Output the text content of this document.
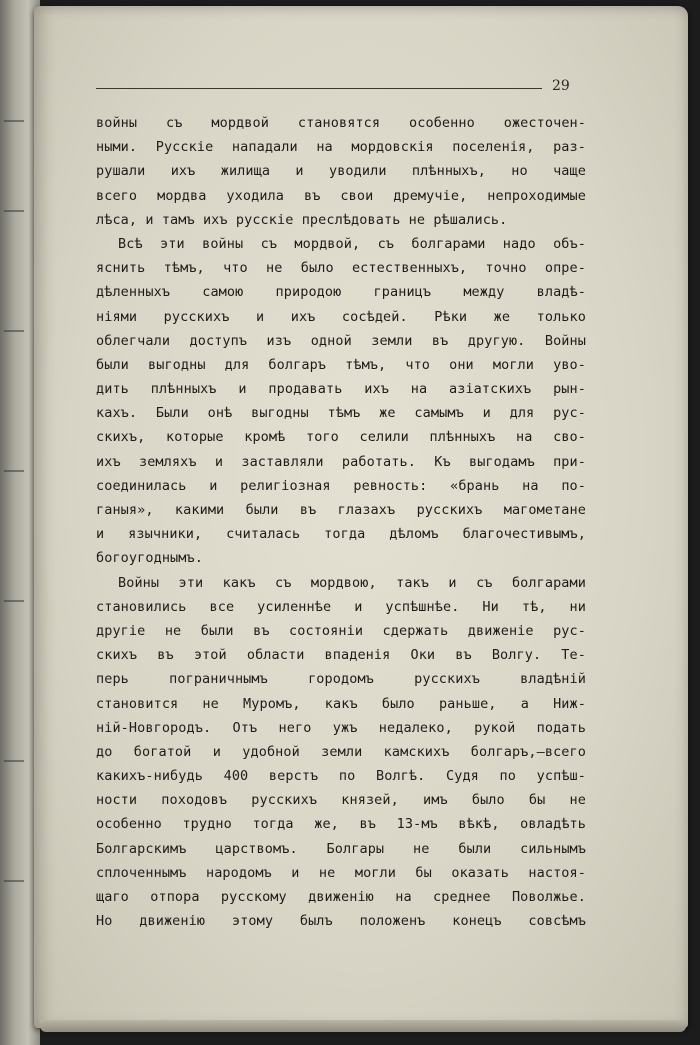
29
войны съ мордвой становятся особенно ожесточен-
ными. Русскіе нападали на мордовскія поселенія, раз-
рушали ихъ жилища и уводили плѣнныхъ, но чаще
всего мордва уходила въ свои дремучіе, непроходимые
лѣса, и тамъ ихъ русскіе преслѣдовать не рѣшались.
Всѣ эти войны съ мордвой, съ болгарами надо объ-
яснить тѣмъ, что не было естественныхъ, точно опре-
дѣленныхъ самою природою границъ между владѣ-
ніями русскихъ и ихъ сосѣдей. Рѣки же только
облегчали доступъ изъ одной земли въ другую. Войны
были выгодны для болгаръ тѣмъ, что они могли уво-
дить плѣнныхъ и продавать ихъ на азіатскихъ рын-
кахъ. Были онѣ выгодны тѣмъ же самымъ и для рус-
скихъ, которые кромѣ того селили плѣнныхъ на сво-
ихъ земляхъ и заставляли работать. Къ выгодамъ при-
соединилась и религіозная ревность: «брань на по-
ганыя», какими были въ глазахъ русскихъ магометане
и язычники, считалась тогда дѣломъ благочестивымъ,
богоугоднымъ.
Войны эти какъ съ мордвою, такъ и съ болгарами
становились все усиленнѣе и успѣшнѣе. Ни тѣ, ни
другіе не были въ состояніи сдержать движеніе рус-
скихъ въ этой области впаденія Оки въ Волгу. Те-
перь пограничнымъ городомъ русскихъ владѣній
становится не Муромъ, какъ было раньше, а Ниж-
ній-Новгородъ. Отъ него ужъ недалеко, рукой подать
до богатой и удобной земли камскихъ болгаръ,—всего
какихъ-нибудь 400 верстъ по Волгѣ. Судя по успѣш-
ности походовъ русскихъ князей, имъ было бы не
особенно трудно тогда же, въ 13-мъ вѣкѣ, овладѣть
Болгарскимъ царствомъ. Болгары не были сильнымъ
сплоченнымъ народомъ и не могли бы оказать настоя-
щаго отпора русскому движенію на среднее Поволжье.
Но движенію этому былъ положенъ конецъ совсѣмъ
